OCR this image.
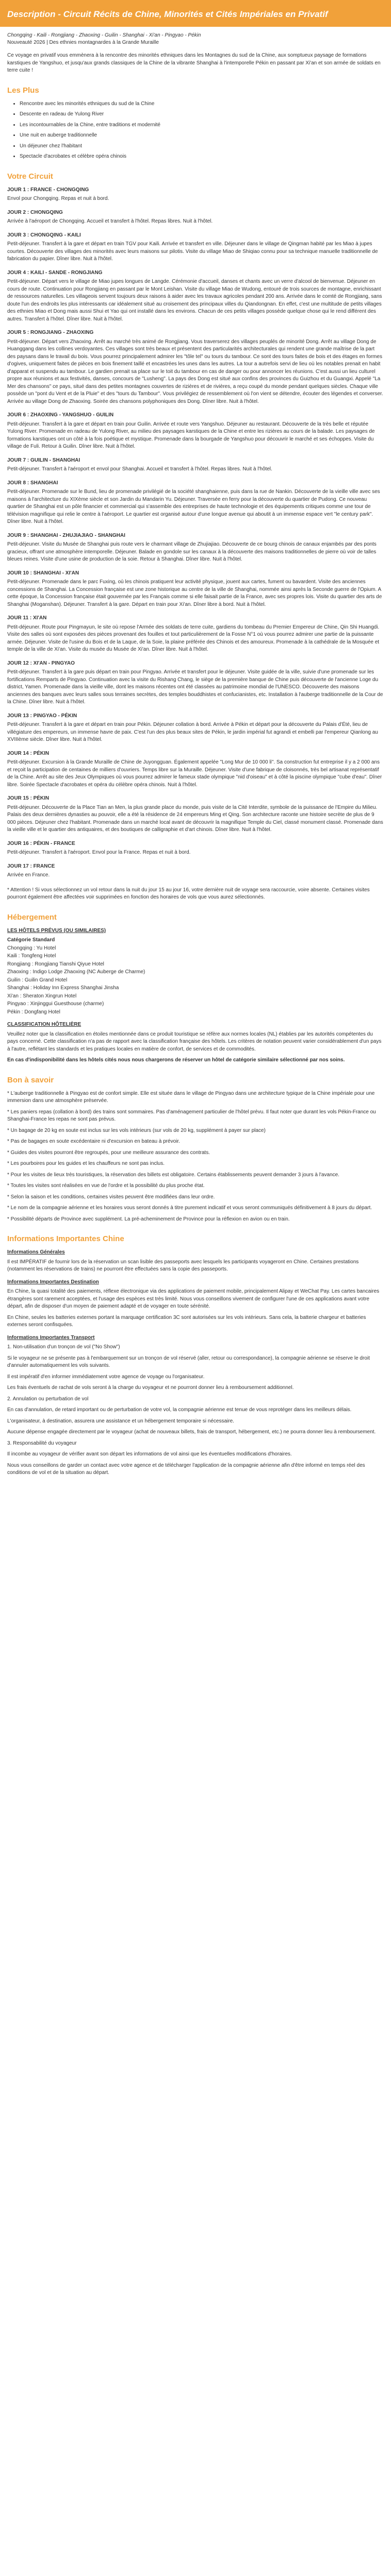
Description - Circuit Récits de Chine, Minorités et Cités Impériales en Privatif
Chongqing - Kaili - Rongjiang - Zhaoxing - Guilin - Shanghai - Xi'an - Pingyao - Pékin
Nouveauté 2026 | Des ethnies montagnardes à la Grande Muraille
Ce voyage en privatif vous emmènera à la rencontre des minorités ethniques dans les Montagnes du sud de la Chine, aux somptueux paysage de formations karstiques de Yangshuo, et jusqu'aux grands classiques de la Chine de la vibrante Shanghai à l'intemporelle Pékin en passant par Xi'an et son armée de soldats en terre cuite !
Les Plus
• Rencontre avec les minorités ethniques du sud de la Chine
• Descente en radeau de Yulong River
• Les incontournables de la Chine, entre traditions et modernité
• Une nuit en auberge traditionnelle
• Un déjeuner chez l'habitant
• Spectacle d'acrobates et célèbre opéra chinois
Votre Circuit
JOUR 1 : FRANCE - CHONGQING
Envol pour Chongqing. Repas et nuit à bord.
JOUR 2 : CHONGQING
Arrivée à l'aéroport de Chongqing. Accueil et transfert à l'hôtel. Repas libres. Nuit à l'hôtel.
JOUR 3 : CHONGQING - KAILI
Petit-déjeuner. Transfert à la gare et départ en train TGV pour Kaili. Arrivée et transfert en ville. Déjeuner dans le village de Qingman habité par les Miao à jupes courtes. Découverte des villages des minorités avec leurs maisons sur pilotis. Visite du village Miao de Shiqiao connu pour sa technique manuelle traditionnelle de fabrication du papier. Dîner libre. Nuit à l'hôtel.
JOUR 4 : KAILI - SANDE - RONGJIANG
Petit-déjeuner. Départ vers le village de Miao jupes longues de Langde. Cérémonie d'accueil, danses et chants avec un verre d'alcool de bienvenue. Déjeuner en cours de route. Continuation pour Rongjiang en passant par le Mont Leishan. Visite du village Miao de Wudong, entouré de trois sources de montagne, enrichissant de ressources naturelles. Les villageois servent toujours deux raisons à aider avec les travaux agricoles pendant 200 ans. Arrivée dans le comté de Rongjiang, sans doute l'un des endroits les plus intéressants car idéalement situé au croisement des principaux villes du Qiandongnan. En effet, c'est une multitude de petits villages des ethnies Miao et Dong mais aussi Shui et Yao qui ont installé dans les environs. Chacun de ces petits villages possède quelque chose qui le rend différent des autres. Transfert à l'hôtel. Dîner libre. Nuit à l'hôtel.
JOUR 5 : RONGJIANG - ZHAOXING
Petit-déjeuner. Départ vers Zhaoxing. Arrêt au marché très animé de Rongjiang. Vous traverserez des villages peuplés de minorité Dong. Arrêt au village Dong de Huanggang dans les collines verdoyantes. Ces villages sont très beaux et présentent des particularités architecturales qui rendent une grande maîtrise de la part des paysans dans le travail du bois. Vous pourrez principalement admirer les "tôle tel" ou tours du tambour. Ce sont des tours faites de bois et des étages en formes d'ogives, uniquement faites de pièces en bois finement taillé et encastrées les unes dans les autres. La tour a autrefois servi de lieu où les notables prenait en habit d'apparat et suspendu au tambour. Le gardien prenait sa place sur le toit du tambour en cas de danger ou pour annoncer les réunions. C'est aussi un lieu culturel propre aux réunions et aux festivités, danses, concours de "Lusheng". La pays des Dong est situé aux confins des provinces du Guizhou et du Guangxi. Appelé "La Mer des chansons" ce pays, situé dans des petites montagnes couvertes de rizières et de rivières, a reçu coupé du monde pendant quelques siècles. Chaque ville possède un "pont du Vent et de la Pluie" et des "tours du Tambour". Vous privilégiez de ressemblement où l'on vient se détendre, écouter des légendes et converser. Arrivée au village Dong de Zhaoxing. Soirée des chansons polyphoniques des Dong. Dîner libre. Nuit à l'hôtel.
JOUR 6 : ZHAOXING - YANGSHUO - GUILIN
Petit-déjeuner. Transfert à la gare et départ en train pour Guilin. Arrivée et route vers Yangshuo. Déjeuner au restaurant. Découverte de la très belle et réputée Yulong River. Promenade en radeau de Yulong River, au milieu des paysages karstiques de la Chine et entre les rizières au cours de la balade. Les paysages de formations karstiques ont un côté à la fois poétique et mystique. Promenade dans la bourgade de Yangshuo pour découvrir le marché et ses échoppes. Visite du village de Fuli. Retour à Guilin. Dîner libre. Nuit à l'hôtel.
JOUR 7 : GUILIN - SHANGHAI
Petit-déjeuner. Transfert à l'aéroport et envol pour Shanghai. Accueil et transfert à l'hôtel. Repas libres. Nuit à l'hôtel.
JOUR 8 : SHANGHAI
Petit-déjeuner. Promenade sur le Bund, lieu de promenade privilégié de la société shanghaienne, puis dans la rue de Nankin. Découverte de la vieille ville avec ses maisons à l'architecture du XIXème siècle et son Jardin du Mandarin Yu. Déjeuner. Traversée en ferry pour la découverte du quartier de Pudong. Ce nouveau quartier de Shanghai est un pôle financier et commercial qui s'assemble des entreprises de haute technologie et des équipements critiques comme une tour de télévision magnifique qui relie le centre à l'aéroport. Le quartier est organisé autour d'une longue avenue qui aboutit à un immense espace vert "le century park". Dîner libre. Nuit à l'hôtel.
JOUR 9 : SHANGHAI - ZHUJIAJIAO - SHANGHAI
Petit-déjeuner. Visite du Musée de Shanghai puis route vers le charmant village de Zhujiajiao. Découverte de ce bourg chinois de canaux enjambés par des ponts gracieux, offrant une atmosphère intemporelle. Déjeuner. Balade en gondole sur les canaux à la découverte des maisons traditionnelles de pierre où voir de talles bleues reines. Visite d'une usine de production de la soie. Retour à Shanghai. Dîner libre. Nuit à l'hôtel.
JOUR 10 : SHANGHAI - XI'AN
Petit-déjeuner. Promenade dans le parc Fuxing, où les chinois pratiquent leur activité physique, jouent aux cartes, fument ou bavardent. Visite des anciennes concessions de Shanghai. La Concession française est une zone historique au centre de la ville de Shanghai, nommée ainsi après la Seconde guerre de l'Opium. A cette époque, la Concession française était gouvernée par les Français comme si elle faisait partie de la France, avec ses propres lois. Visite du quartier des arts de Shanghai (Moganshan). Déjeuner. Transfert à la gare. Départ en train pour Xi'an. Dîner libre à bord. Nuit à l'hôtel.
JOUR 11 : XI'AN
Petit-déjeuner. Route pour Pingmayun, le site où repose l'Armée des soldats de terre cuite, gardiens du tombeau du Premier Empereur de Chine, Qin Shi Huangdi. Visite des salles où sont exposées des pièces provenant des fouilles et tout particulièrement de la Fosse N°1 où vous pourrez admirer une partie de la puissante armée. Déjeuner. Visite de l'usine du Bois et de la Laque, de la Soie, la plaine préférée des Chinois et des amoureux. Promenade à la cathédrale de la Mosquée et temple de la ville de Xi'an. Visite du musée du Musée de Xi'an. Dîner libre. Nuit à l'hôtel.
JOUR 12 : XI'AN - PINGYAO
Petit-déjeuner. Transfert à la gare puis départ en train pour Pingyao. Arrivée et transfert pour le déjeuner. Visite guidée de la ville, suivie d'une promenade sur les fortifications Remparts de Pingyao. Continuation avec la visite du Rishang Chang, le siège de la première banque de Chine puis découverte de l'ancienne Loge du district, Yamen. Promenade dans la vieille ville, dont les maisons récentes ont été classées au patrimoine mondial de l'UNESCO. Découverte des maisons anciennes des banques avec leurs salles sous terraines secrètes, des temples bouddhistes et confucianistes, etc. Installation à l'auberge traditionnelle de la Cour de la Chine. Dîner libre. Nuit à l'hôtel.
JOUR 13 : PINGYAO - PÉKIN
Petit-déjeuner. Transfert à la gare et départ en train pour Pékin. Déjeuner collation à bord. Arrivée à Pékin et départ pour la découverte du Palais d'Été, lieu de villégiature des empereurs, un immense havre de paix. C'est l'un des plus beaux sites de Pékin, le jardin impérial fut agrandi et embelli par l'empereur Qianlong au XVIIIème siècle. Dîner libre. Nuit à l'hôtel.
JOUR 14 : PÉKIN
Petit-déjeuner. Excursion à la Grande Muraille de Chine de Juyongguan. Également appelée "Long Mur de 10 000 li". Sa construction fut entreprise il y a 2 000 ans et reçoit la participation de centaines de milliers d'ouvriers. Temps libre sur la Muraille. Déjeuner. Visite d'une fabrique de cloisonnés, très bel artisanat représentatif de la Chine. Arrêt au site des Jeux Olympiques où vous pourrez admirer le fameux stade olympique "nid d'oiseau" et à côté la piscine olympique "cube d'eau". Dîner libre. Soirée Spectacle d'acrobates et opéra du célèbre opéra chinois. Nuit à l'hôtel.
JOUR 15 : PÉKIN
Petit-déjeuner. Découverte de la Place Tian an Men, la plus grande place du monde, puis visite de la Cité Interdite, symbole de la puissance de l'Empire du Milieu. Palais des deux dernières dynasties au pouvoir, elle a été la résidence de 24 empereurs Ming et Qing. Son architecture raconte une histoire secrète de plus de 9 000 pièces. Déjeuner chez l'habitant. Promenade dans un marché local avant de découvrir la magnifique Temple du Ciel, classé monument classé. Promenade dans la vieille ville et le quartier des antiquaires, et des boutiques de calligraphie et d'art chinois. Dîner libre. Nuit à l'hôtel.
JOUR 16 : PÉKIN - FRANCE
Petit-déjeuner. Transfert à l'aéroport. Envol pour la France. Repas et nuit à bord.
JOUR 17 : FRANCE
Arrivée en France.
* Attention ! Si vous sélectionnez un vol retour dans la nuit du jour 15 au jour 16, votre dernière nuit de voyage sera raccourcie, voire absente. Certaines visites pourront également être affectées voir supprimées en fonction des horaires de vols que vous aurez sélectionnés.
Hébergement
LES HÔTELS PRÉVUS (OU SIMILAIRES)
Catégorie Standard
Chongqing : Yu Hotel
Kaili : Tongfeng Hotel
Rongjiang : Rongjiang Tianshi Qiyue Hotel
Zhaoxing : Indigo Lodge Zhaoxing (NC Auberge de Charme)
Guilin : Guilin Grand Hotel
Shanghai : Holiday Inn Express Shanghai Jinsha
Xi'an : Sheraton Xingrun Hotel
Pingyao : Xinjinggui Guesthouse (charme)
Pékin : Dongfang Hotel
CLASSIFICATION HÔTELIÈRE
Veuillez noter que la classification en étoiles mentionnée dans ce produit touristique se réfère aux normes locales (NL) établies par les autorités compétentes du pays concerné. Cette classification n'a pas de rapport avec la classification française des hôtels. Les critères de notation peuvent varier considérablement d'un pays à l'autre, reflétant les standards et les pratiques locales en matière de confort, de services et de commodités.
En cas d'indisponibilité dans les hôtels cités nous nous chargerons de réserver un hôtel de catégorie similaire sélectionné par nos soins.
Bon à savoir

* L'auberge traditionnelle à Pingyao est de confort simple. Elle est située dans le village de Pingyao dans une architecture typique de la Chine impériale pour une immersion dans une atmosphère préservée.

* Les paniers repas (collation à bord) des trains sont sommaires. Pas d'aménagement particulier de l'hôtel prévu. Il faut noter que durant les vols Pékin-France ou Shanghai-France les repas ne sont pas prévus.

* Un bagage de 20 kg en soute est inclus sur les vols intérieurs (sur vols de 20 kg, supplément à payer sur place)

* Pas de bagages en soute excédentaire ni d'excursion en bateau à prévoir.

* Guides des visites pourront être regroupés, pour une meilleure assurance des contrats.

* Les pourboires pour les guides et les chauffeurs ne sont pas inclus.

* Pour les visites de lieux très touristiques, la réservation des billets est obligatoire. Certains établissements peuvent demander 3 jours à l'avance.

* Toutes les visites sont réalisées en vue de l'ordre et la possibilité du plus proche état.

* Selon la saison et les conditions, certaines visites peuvent être modifiées dans leur ordre.

* Le nom de la compagnie aérienne et les horaires vous seront donnés à titre purement indicatif et vous seront communiqués définitivement à 8 jours du départ.

* Possibilité départs de Province avec supplément. La pré-acheminement de Province pour la réflexion en avion ou en train.

Informations Importantes Chine
Informations Générales
Il est IMPÉRATIF de fournir lors de la réservation un scan lisible des passeports avec lesquels les participants voyageront en Chine. Certaines prestations (notamment les réservations de trains) ne pourront être effectuées sans la copie des passeports.
Informations Importantes Destination
En Chine, la quasi totalité des paiements, réflexe électronique via des applications de paiement mobile, principalement Alipay et WeChat Pay. Les cartes bancaires étrangères sont rarement acceptées, et l'usage des espèces est très limité. Nous vous conseillons vivement de configurer l'une de ces applications avant votre départ, afin de disposer d'un moyen de paiement adapté et de voyager en toute sérénité.
En Chine, seules les batteries externes portant la marquage certification 3C sont autorisées sur les vols intérieurs. Sans cela, la batterie chargeur et batteries externes seront confisquées.
Informations Importantes Transport

1. Non-utilisation d'un tronçon de vol ("No Show")

Si le voyageur ne se présente pas à l'embarquement sur un tronçon de vol réservé (aller, retour ou correspondance), la compagnie aérienne se réserve le droit d'annuler automatiquement les vols suivants.

Il est impératif d'en informer immédiatement votre agence de voyage ou l'organisateur.

Les frais éventuels de rachat de vols seront à la charge du voyageur et ne pourront donner lieu à remboursement additionnel.

2. Annulation ou perturbation de vol

En cas d'annulation, de retard important ou de perturbation de votre vol, la compagnie aérienne est tenue de vous reprotéger dans les meilleurs délais.

L'organisateur, à destination, assurera une assistance et un hébergement temporaire si nécessaire.

Aucune dépense engagée directement par le voyageur (achat de nouveaux billets, frais de transport, hébergement, etc.) ne pourra donner lieu à remboursement.

3. Responsabilité du voyageur

Il incombe au voyageur de vérifier avant son départ les informations de vol ainsi que les éventuelles modifications d'horaires.

Nous vous conseillons de garder un contact avec votre agence et de télécharger l'application de la compagnie aérienne afin d'être informé en temps réel des conditions de vol et de la situation au départ.
